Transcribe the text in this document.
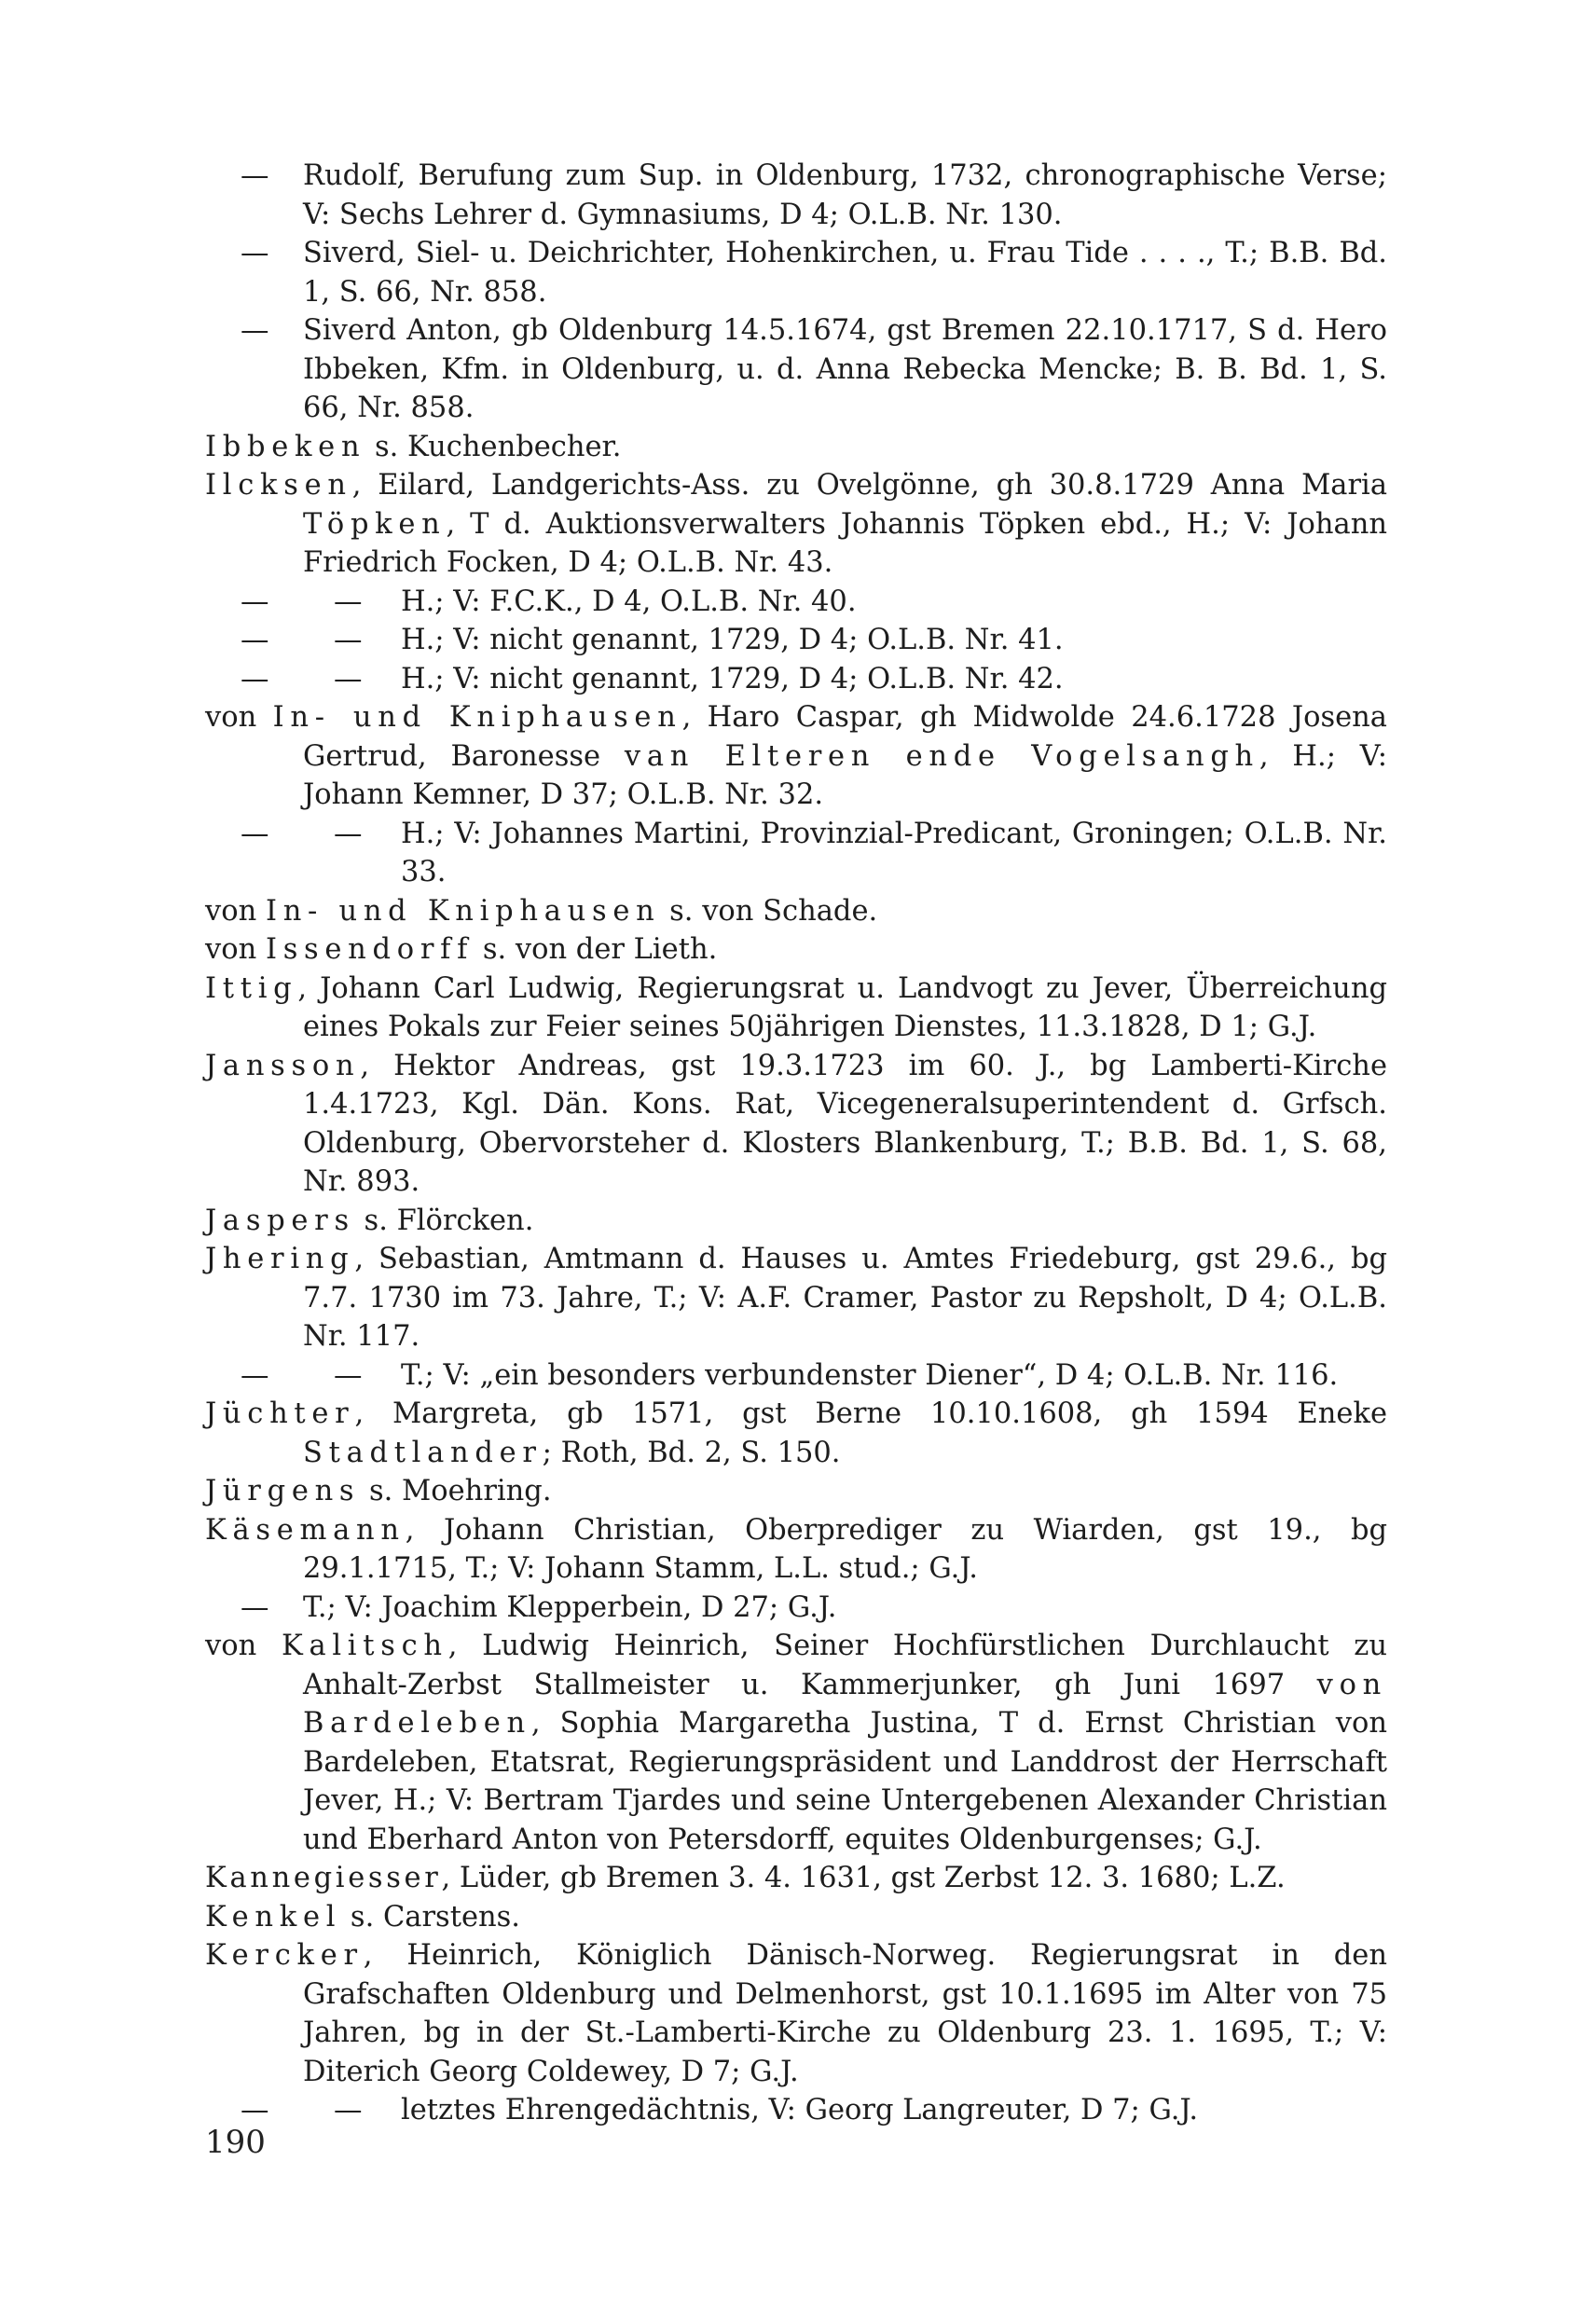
— Rudolf, Berufung zum Sup. in Oldenburg, 1732, chronographische Verse; V: Sechs Lehrer d. Gymnasiums, D 4; O.L.B. Nr. 130.
— Siverd, Siel- u. Deichrichter, Hohenkirchen, u. Frau Tide . . . ., T.; B.B. Bd. 1, S. 66, Nr. 858.
— Siverd Anton, gb Oldenburg 14.5.1674, gst Bremen 22.10.1717, S d. Hero Ibbeken, Kfm. in Oldenburg, u. d. Anna Rebecka Mencke; B. B. Bd. 1, S. 66, Nr. 858.
Ibbeken s. Kuchenbecher.
Ilcksen, Eilard, Landgerichts-Ass. zu Ovelgönne, gh 30.8.1729 Anna Maria Töpken, T d. Auktionsverwalters Johannis Töpken ebd., H.; V: Johann Friedrich Focken, D 4; O.L.B. Nr. 43.
— — H.; V: F.C.K., D 4, O.L.B. Nr. 40.
— — H.; V: nicht genannt, 1729, D 4; O.L.B. Nr. 41.
— — H.; V: nicht genannt, 1729, D 4; O.L.B. Nr. 42.
von In- und Kniphausen, Haro Caspar, gh Midwolde 24.6.1728 Josena Gertrud, Baronesse van Elteren ende Vogelsangh, H.; V: Johann Kemner, D 37; O.L.B. Nr. 32.
— — H.; V: Johannes Martini, Provinzial-Predicant, Groningen; O.L.B. Nr. 33.
von In- und Kniphausen s. von Schade.
von Issendorff s. von der Lieth.
Ittig, Johann Carl Ludwig, Regierungsrat u. Landvogt zu Jever, Überreichung eines Pokals zur Feier seines 50jährigen Dienstes, 11.3.1828, D 1; G.J.
Jansson, Hektor Andreas, gst 19.3.1723 im 60. J., bg Lamberti-Kirche 1.4.1723, Kgl. Dän. Kons. Rat, Vicegeneralsuperintendent d. Grfsch. Oldenburg, Obervorsteher d. Klosters Blankenburg, T.; B.B. Bd. 1, S. 68, Nr. 893.
Jaspers s. Flörcken.
Jhering, Sebastian, Amtmann d. Hauses u. Amtes Friedeburg, gst 29.6., bg 7.7. 1730 im 73. Jahre, T.; V: A.F. Cramer, Pastor zu Repsholt, D 4; O.L.B. Nr. 117.
— — T.; V: „ein besonders verbundenster Diener“, D 4; O.L.B. Nr. 116.
Jüchter, Margreta, gb 1571, gst Berne 10.10.1608, gh 1594 Eneke Stadtlander; Roth, Bd. 2, S. 150.
Jürgens s. Moehring.
Käsemann, Johann Christian, Oberprediger zu Wiarden, gst 19., bg 29.1.1715, T.; V: Johann Stamm, L.L. stud.; G.J.
— T.; V: Joachim Klepperbein, D 27; G.J.
von Kalitsch, Ludwig Heinrich, Seiner Hochfürstlichen Durchlaucht zu Anhalt-Zerbst Stallmeister u. Kammerjunker, gh Juni 1697 von Bardeleben, Sophia Margaretha Justina, T d. Ernst Christian von Bardeleben, Etatsrat, Regierungspräsident und Landdrost der Herrschaft Jever, H.; V: Bertram Tjardes und seine Untergebenen Alexander Christian und Eberhard Anton von Petersdorff, equites Oldenburgenses; G.J.
Kannegiesser, Lüder, gb Bremen 3. 4. 1631, gst Zerbst 12. 3. 1680; L.Z.
Kenkel s. Carstens.
Kercker, Heinrich, Königlich Dänisch-Norweg. Regierungsrat in den Grafschaften Oldenburg und Delmenhorst, gst 10.1.1695 im Alter von 75 Jahren, bg in der St.-Lamberti-Kirche zu Oldenburg 23. 1. 1695, T.; V: Diterich Georg Coldewey, D 7; G.J.
— — letztes Ehrengedächtnis, V: Georg Langreuter, D 7; G.J.
190
